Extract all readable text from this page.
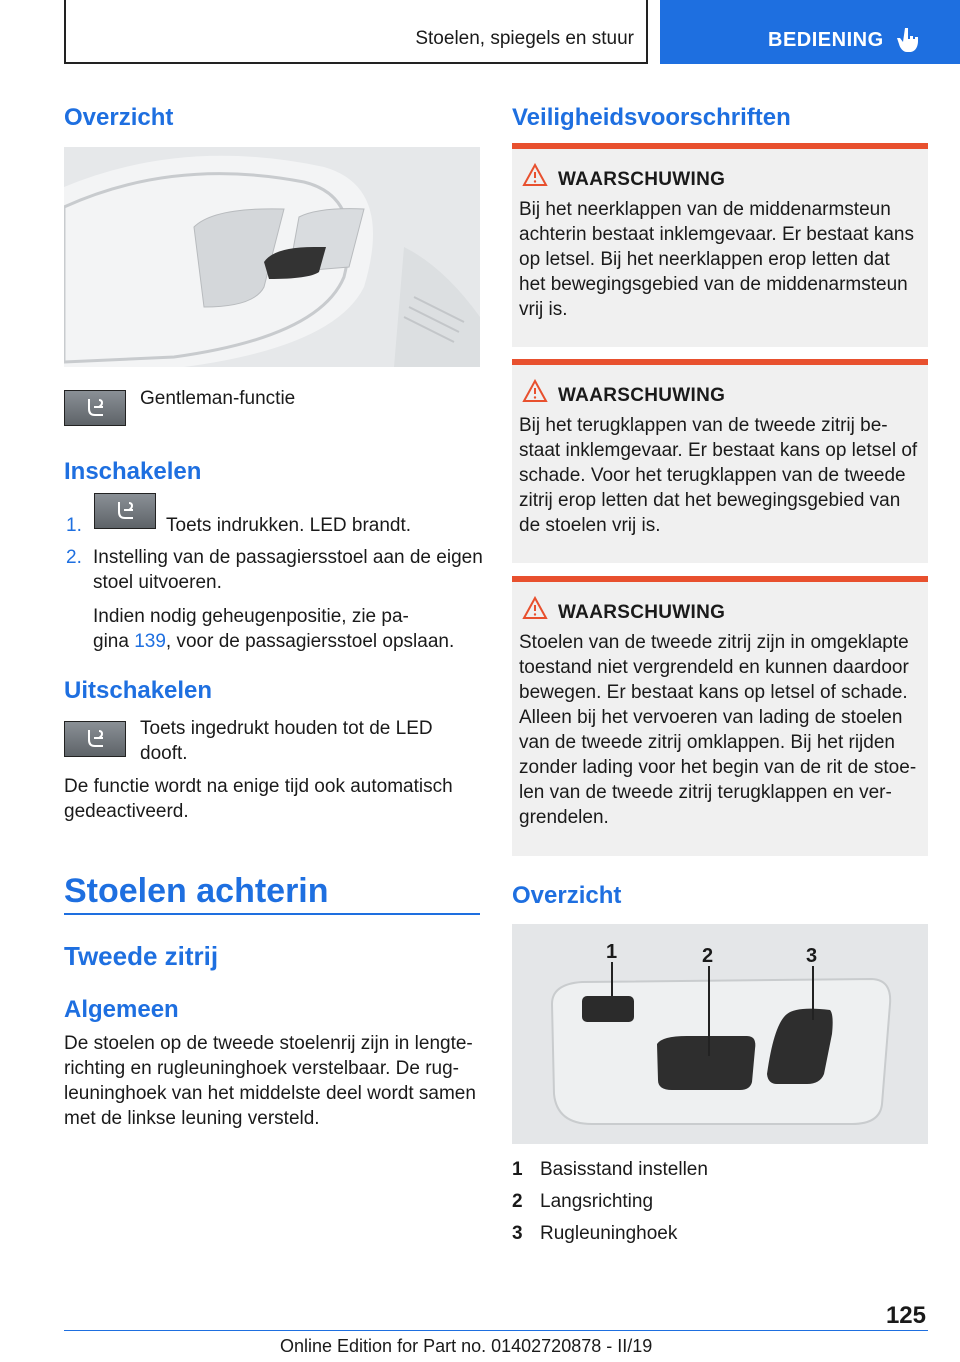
Stoelen, spiegels en stuur	BEDIENING
Overzicht

Gentleman-functie

Inschakelen
1.	Toets indrukken. LED brandt.

2. Instelling van de passagiersstoel aan de eigen

stoel uitvoeren.

Indien nodig geheugenpositie, zie pa-

gina 139, voor de passagiersstoel opslaan.

Uitschakelen

Toets ingedrukt houden tot de LED

dooft.

De functie wordt na enige tijd ook automatisch

gedeactiveerd.

Stoelen achterin
Tweede zitrij
Algemeen

De stoelen op de tweede stoelenrij zijn in lengte-

richting en rugleuninghoek verstelbaar. De rug-

leuninghoek van het middelste deel wordt samen

met de linkse leuning versteld.

Veiligheidsvoorschriften
WAARSCHUWING
Bij het neerklappen van de middenarmsteun
achterin bestaat inklemgevaar. Er bestaat kans
op letsel. Bij het neerklappen erop letten dat
het bewegingsgebied van de middenarmsteun
vrij is.
WAARSCHUWING
Bij het terugklappen van de tweede zitrij be-
staat inklemgevaar. Er bestaat kans op letsel of
schade. Voor het terugklappen van de tweede
zitrij erop letten dat het bewegingsgebied van
de stoelen vrij is.
WAARSCHUWING
Stoelen van de tweede zitrij zijn in omgeklapte
toestand niet vergrendeld en kunnen daardoor
bewegen. Er bestaat kans op letsel of schade.
Alleen bij het vervoeren van lading de stoelen
van de tweede zitrij omklappen. Bij het rijden
zonder lading voor het begin van de rit de stoe-
len van de tweede zitrij terugklappen en ver-
grendelen.
Overzicht
1	2	3
1 Basisstand instellen
2 Langsrichting
3 Rugleuninghoek
125
Online Edition for Part no. 01402720878 - II/19
